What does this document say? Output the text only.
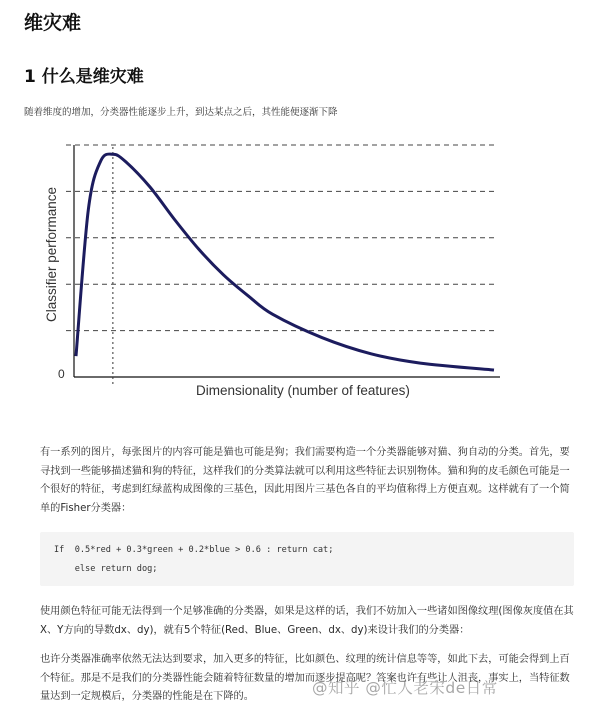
维灾难
1 什么是维灾难
随着维度的增加，分类器性能逐步上升，到达某点之后，其性能便逐渐下降
0
Dimensionality (number of features)
Classifier performance

有一系列的图片，每张图片的内容可能是猫也可能是狗；我们需要构造一个分类器能够对猫、狗自动的分类。首先，要寻找到一些能够描述猫和狗的特征，这样我们的分类算法就可以利用这些特征去识别物体。猫和狗的皮毛颜色可能是一个很好的特征，考虑到红绿蓝构成图像的三基色，因此用图片三基色各自的平均值称得上方便直观。这样就有了一个简单的Fisher分类器：

If  0.5*red + 0.3*green + 0.2*blue > 0.6 : return cat;
else return dog;

使用颜色特征可能无法得到一个足够准确的分类器，如果是这样的话，我们不妨加入一些诸如图像纹理(图像灰度值在其X、Y方向的导数dx、dy)，就有5个特征(Red、Blue、Green、dx、dy)来设计我们的分类器：

也许分类器准确率依然无法达到要求，加入更多的特征，比如颜色、纹理的统计信息等等，如此下去，可能会得到上百个特征。那是不是我们的分类器性能会随着特征数量的增加而逐步提高呢？答案也许有些让人沮丧，事实上，当特征数量达到一定规模后，分类器的性能是在下降的。	@知乎 @忙人老宋de日常
